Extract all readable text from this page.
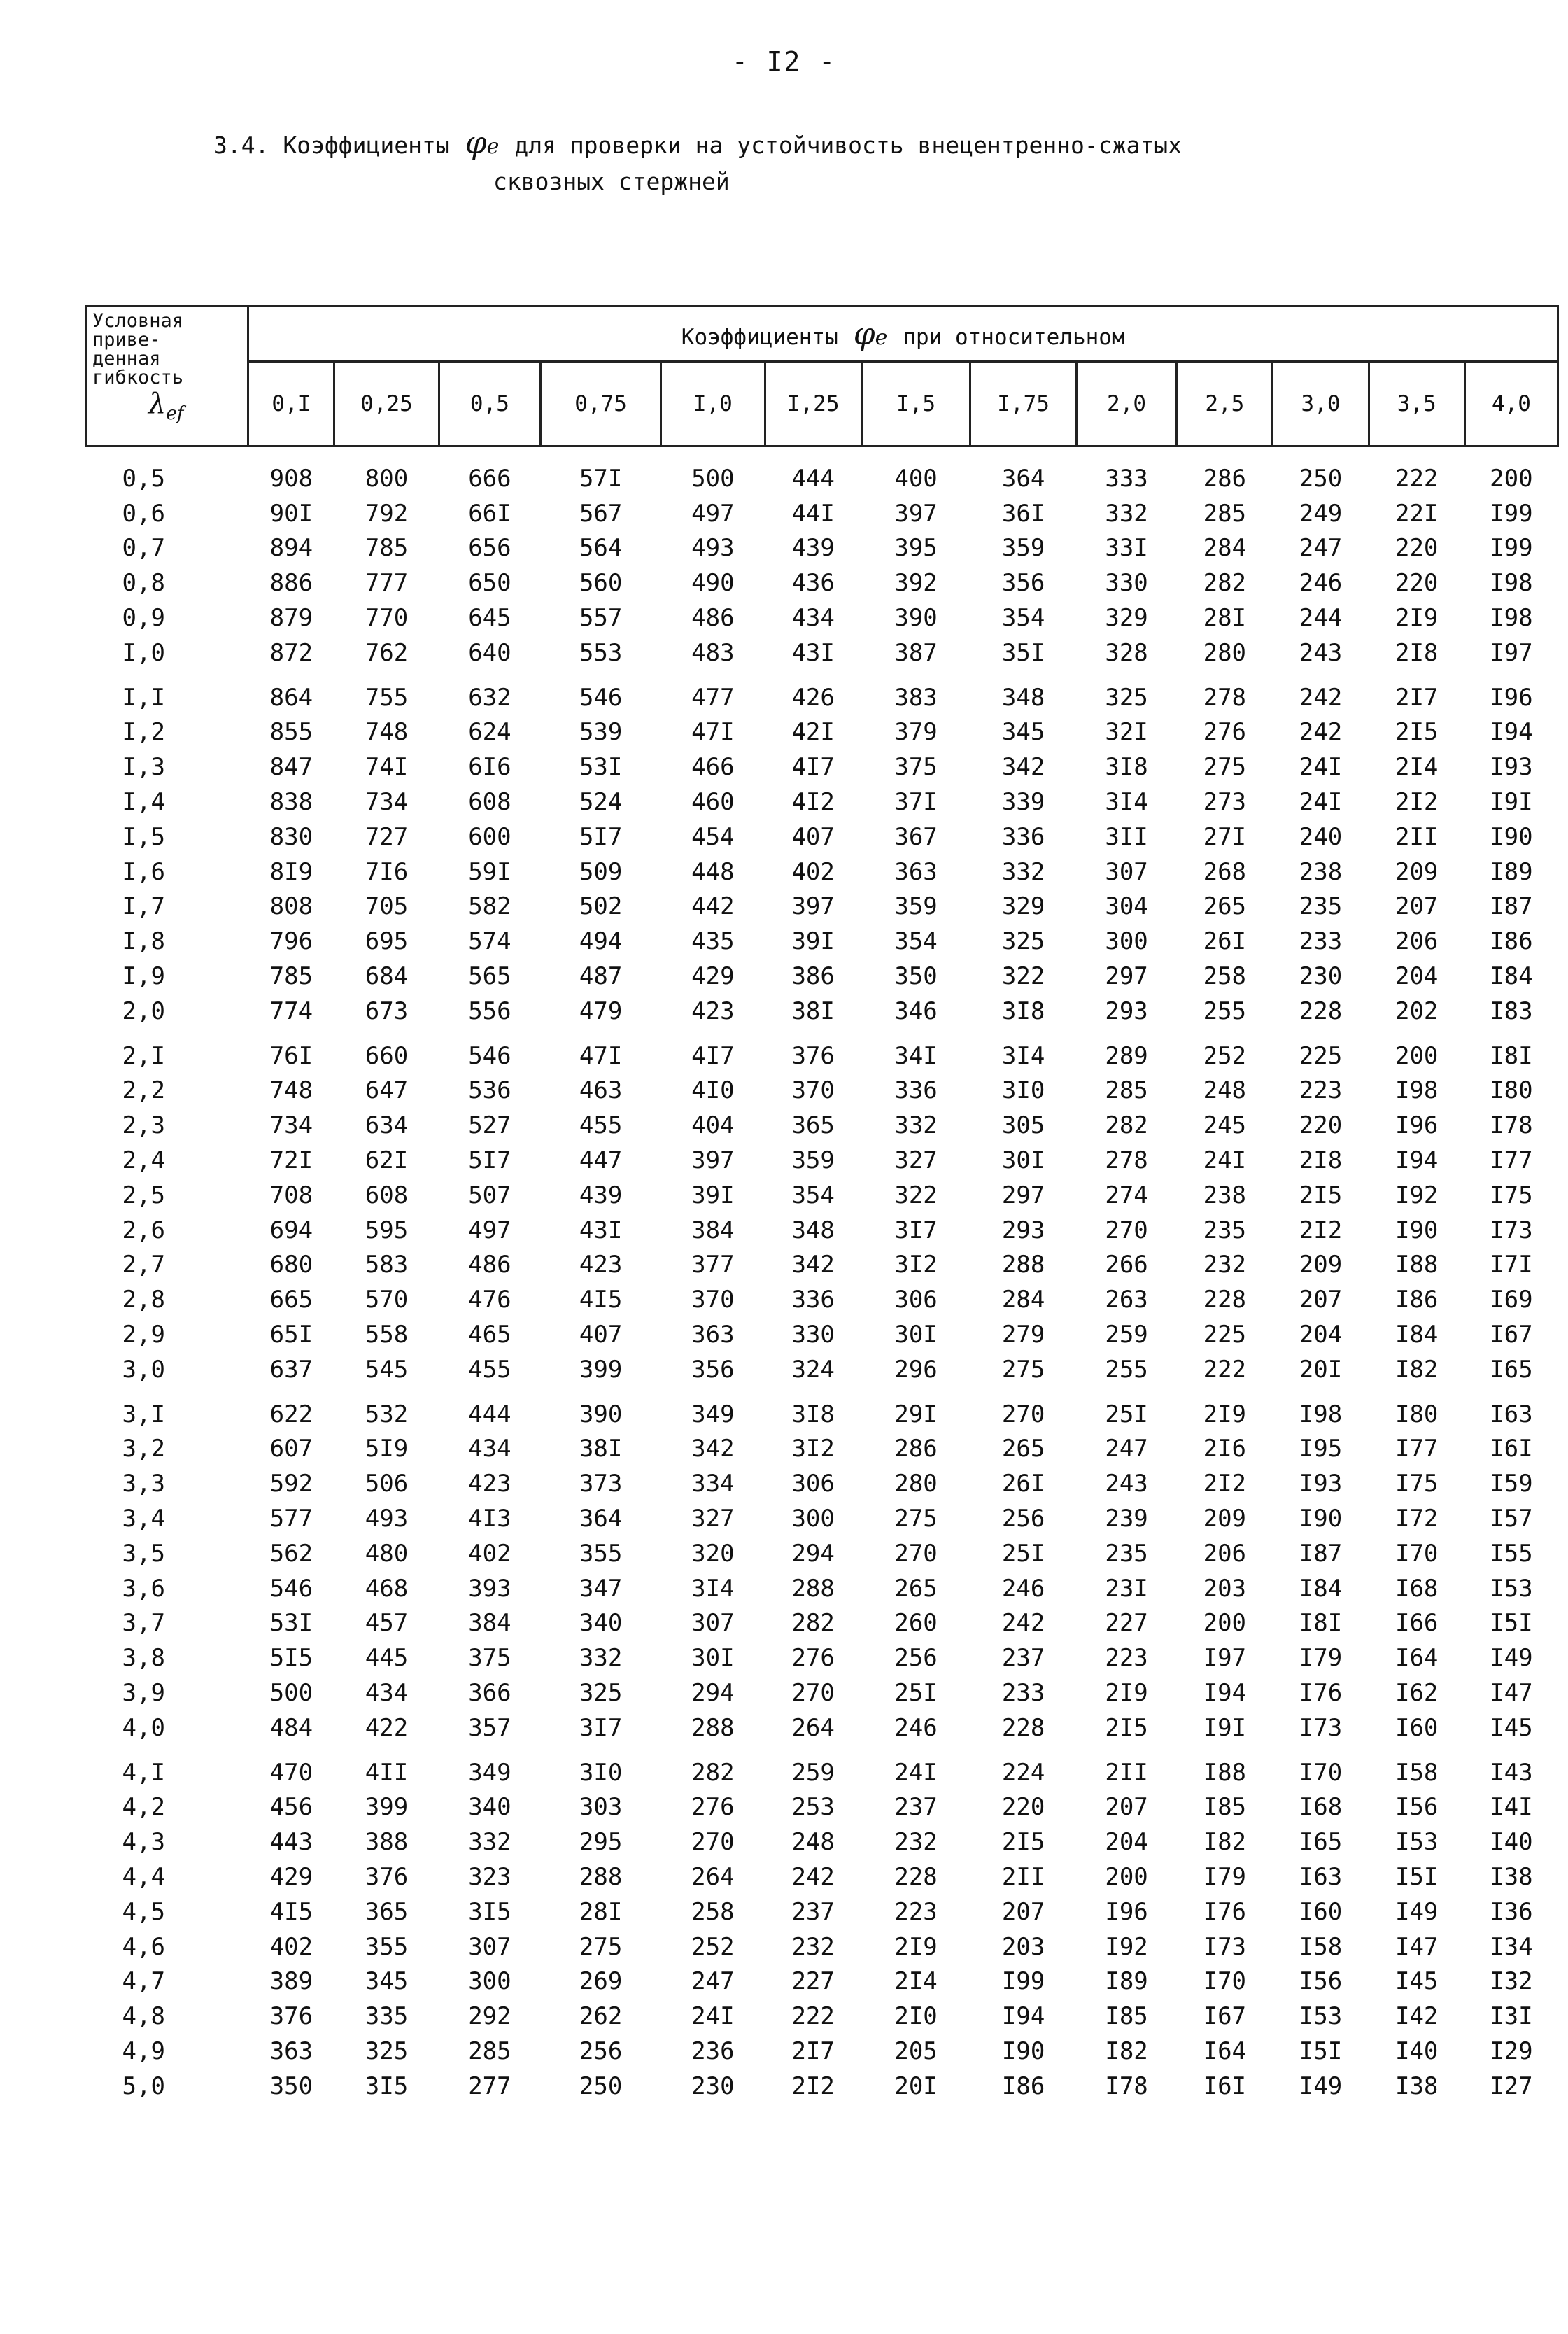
- I2 -
3.4. Коэффициенты φe для проверки на устойчивость внецентренно-сжатых
сквозных стержней
Условная
приве-
денная
гибкость
$\lambda_{ef}$	Коэффициенты φe при относительном												
	0,I	0,25	0,5	0,75	I,0	I,25	I,5	I,75	2,0	2,5	3,0	3,5	4,0
0,5	908	800	666	57I	500	444	400	364	333	286	250	222	200
0,6	90I	792	66I	567	497	44I	397	36I	332	285	249	22I	I99
0,7	894	785	656	564	493	439	395	359	33I	284	247	220	I99
0,8	886	777	650	560	490	436	392	356	330	282	246	220	I98
0,9	879	770	645	557	486	434	390	354	329	28I	244	2I9	I98
I,0	872	762	640	553	483	43I	387	35I	328	280	243	2I8	I97
I,I	864	755	632	546	477	426	383	348	325	278	242	2I7	I96
I,2	855	748	624	539	47I	42I	379	345	32I	276	242	2I5	I94
I,3	847	74I	6I6	53I	466	4I7	375	342	3I8	275	24I	2I4	I93
I,4	838	734	608	524	460	4I2	37I	339	3I4	273	24I	2I2	I9I
I,5	830	727	600	5I7	454	407	367	336	3II	27I	240	2II	I90
I,6	8I9	7I6	59I	509	448	402	363	332	307	268	238	209	I89
I,7	808	705	582	502	442	397	359	329	304	265	235	207	I87
I,8	796	695	574	494	435	39I	354	325	300	26I	233	206	I86
I,9	785	684	565	487	429	386	350	322	297	258	230	204	I84
2,0	774	673	556	479	423	38I	346	3I8	293	255	228	202	I83
2,I	76I	660	546	47I	4I7	376	34I	3I4	289	252	225	200	I8I
2,2	748	647	536	463	4I0	370	336	3I0	285	248	223	I98	I80
2,3	734	634	527	455	404	365	332	305	282	245	220	I96	I78
2,4	72I	62I	5I7	447	397	359	327	30I	278	24I	2I8	I94	I77
2,5	708	608	507	439	39I	354	322	297	274	238	2I5	I92	I75
2,6	694	595	497	43I	384	348	3I7	293	270	235	2I2	I90	I73
2,7	680	583	486	423	377	342	3I2	288	266	232	209	I88	I7I
2,8	665	570	476	4I5	370	336	306	284	263	228	207	I86	I69
2,9	65I	558	465	407	363	330	30I	279	259	225	204	I84	I67
3,0	637	545	455	399	356	324	296	275	255	222	20I	I82	I65
3,I	622	532	444	390	349	3I8	29I	270	25I	2I9	I98	I80	I63
3,2	607	5I9	434	38I	342	3I2	286	265	247	2I6	I95	I77	I6I
3,3	592	506	423	373	334	306	280	26I	243	2I2	I93	I75	I59
3,4	577	493	4I3	364	327	300	275	256	239	209	I90	I72	I57
3,5	562	480	402	355	320	294	270	25I	235	206	I87	I70	I55
3,6	546	468	393	347	3I4	288	265	246	23I	203	I84	I68	I53
3,7	53I	457	384	340	307	282	260	242	227	200	I8I	I66	I5I
3,8	5I5	445	375	332	30I	276	256	237	223	I97	I79	I64	I49
3,9	500	434	366	325	294	270	25I	233	2I9	I94	I76	I62	I47
4,0	484	422	357	3I7	288	264	246	228	2I5	I9I	I73	I60	I45
4,I	470	4II	349	3I0	282	259	24I	224	2II	I88	I70	I58	I43
4,2	456	399	340	303	276	253	237	220	207	I85	I68	I56	I4I
4,3	443	388	332	295	270	248	232	2I5	204	I82	I65	I53	I40
4,4	429	376	323	288	264	242	228	2II	200	I79	I63	I5I	I38
4,5	4I5	365	3I5	28I	258	237	223	207	I96	I76	I60	I49	I36
4,6	402	355	307	275	252	232	2I9	203	I92	I73	I58	I47	I34
4,7	389	345	300	269	247	227	2I4	I99	I89	I70	I56	I45	I32
4,8	376	335	292	262	24I	222	2I0	I94	I85	I67	I53	I42	I3I
4,9	363	325	285	256	236	2I7	205	I90	I82	I64	I5I	I40	I29
5,0	350	3I5	277	250	230	2I2	20I	I86	I78	I6I	I49	I38	I27
